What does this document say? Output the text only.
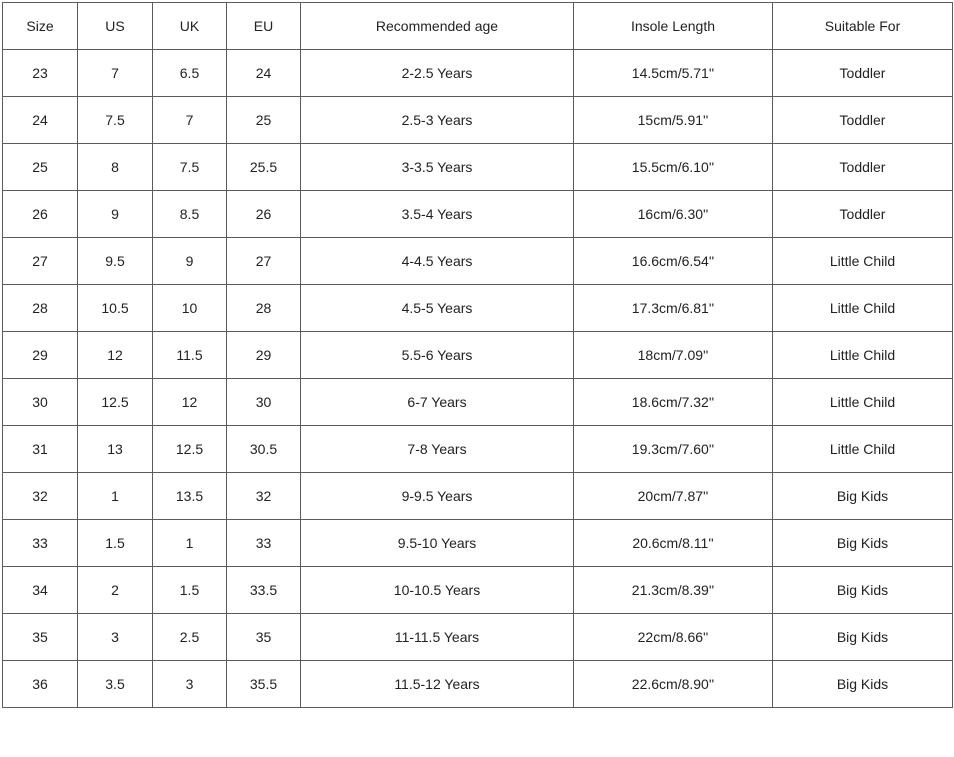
Size	US	UK	EU	Recommended age	Insole Length	Suitable For
23	7	6.5	24	2-2.5 Years	14.5cm/5.71''	Toddler
24	7.5	7	25	2.5-3 Years	15cm/5.91''	Toddler
25	8	7.5	25.5	3-3.5 Years	15.5cm/6.10''	Toddler
26	9	8.5	26	3.5-4 Years	16cm/6.30''	Toddler
27	9.5	9	27	4-4.5 Years	16.6cm/6.54''	Little Child
28	10.5	10	28	4.5-5 Years	17.3cm/6.81''	Little Child
29	12	11.5	29	5.5-6 Years	18cm/7.09''	Little Child
30	12.5	12	30	6-7 Years	18.6cm/7.32''	Little Child
31	13	12.5	30.5	7-8 Years	19.3cm/7.60''	Little Child
32	1	13.5	32	9-9.5 Years	20cm/7.87''	Big Kids
33	1.5	1	33	9.5-10 Years	20.6cm/8.11''	Big Kids
34	2	1.5	33.5	10-10.5 Years	21.3cm/8.39''	Big Kids
35	3	2.5	35	11-11.5 Years	22cm/8.66''	Big Kids
36	3.5	3	35.5	11.5-12 Years	22.6cm/8.90''	Big Kids
